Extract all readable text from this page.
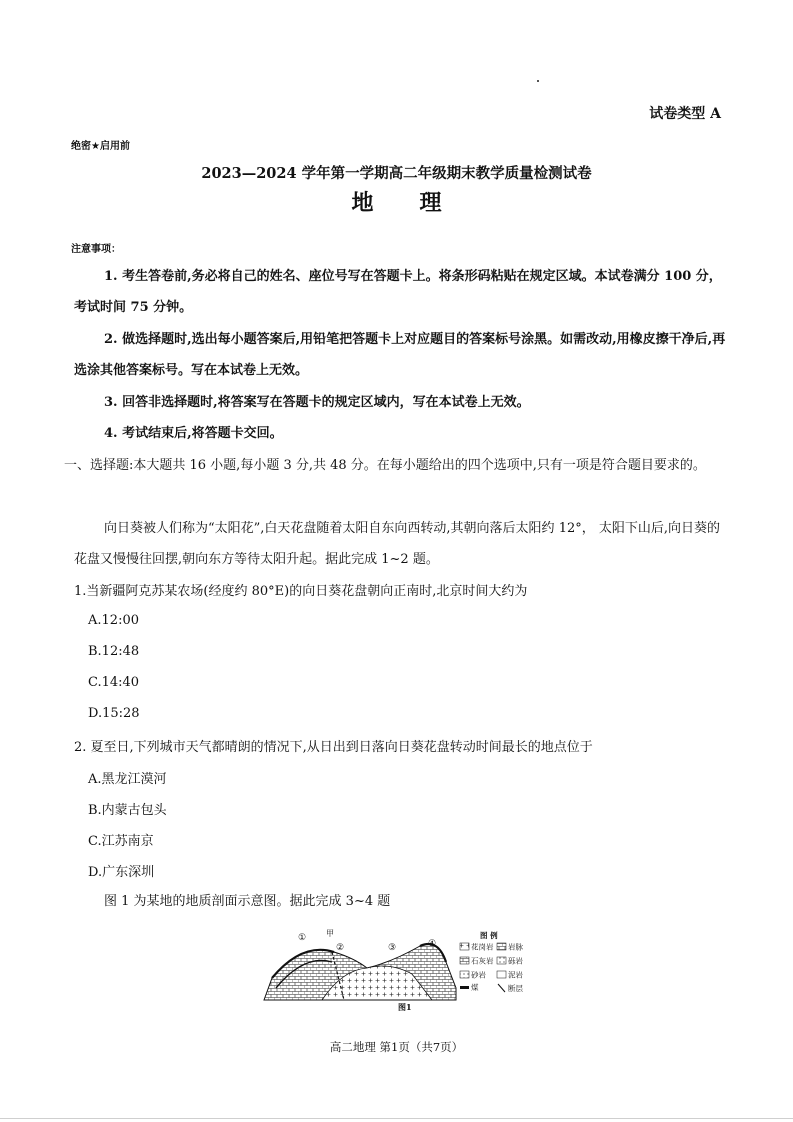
试卷类型 A
绝密★启用前
2023—2024 学年第一学期高二年级期末教学质量检测试卷
地理
注意事项：
1. 考生答卷前,务必将自己的姓名、座位号写在答题卡上。将条形码粘贴在规定区域。本试卷满分 100 分，考试时间 75 分钟。
2. 做选择题时,选出每小题答案后,用铅笔把答题卡上对应题目的答案标号涂黑。如需改动,用橡皮擦干净后,再选涂其他答案标号。写在本试卷上无效。
3. 回答非选择题时,将答案写在答题卡的规定区域内，写在本试卷上无效。
4. 考试结束后,将答题卡交回。
一、选择题:本大题共 16 小题,每小题 3 分,共 48 分。在每小题给出的四个选项中,只有一项是符合题目要求的。
向日葵被人们称为“太阳花”,白天花盘随着太阳自东向西转动,其朝向落后太阳约 12°， 太阳下山后,向日葵的花盘又慢慢往回摆,朝向东方等待太阳升起。据此完成 1~2 题。
1.当新疆阿克苏某农场(经度约 80°E)的向日葵花盘朝向正南时,北京时间大约为
A.12:00
B.12:48
C.14:40
D.15:28
2. 夏至日,下列城市天气都晴朗的情况下,从日出到日落向日葵花盘转动时间最长的地点位于
A.黑龙江漠河
B.内蒙古包头
C.江苏南京
D.广东深圳
图 1 为某地的地质剖面示意图。据此完成 3~4 题
①
②	③	④
甲
图1
图 例
花岗岩 岩脉
石灰岩 砾岩
砂岩	泥岩
煤	断层
高二地理 第1页（共7页）
